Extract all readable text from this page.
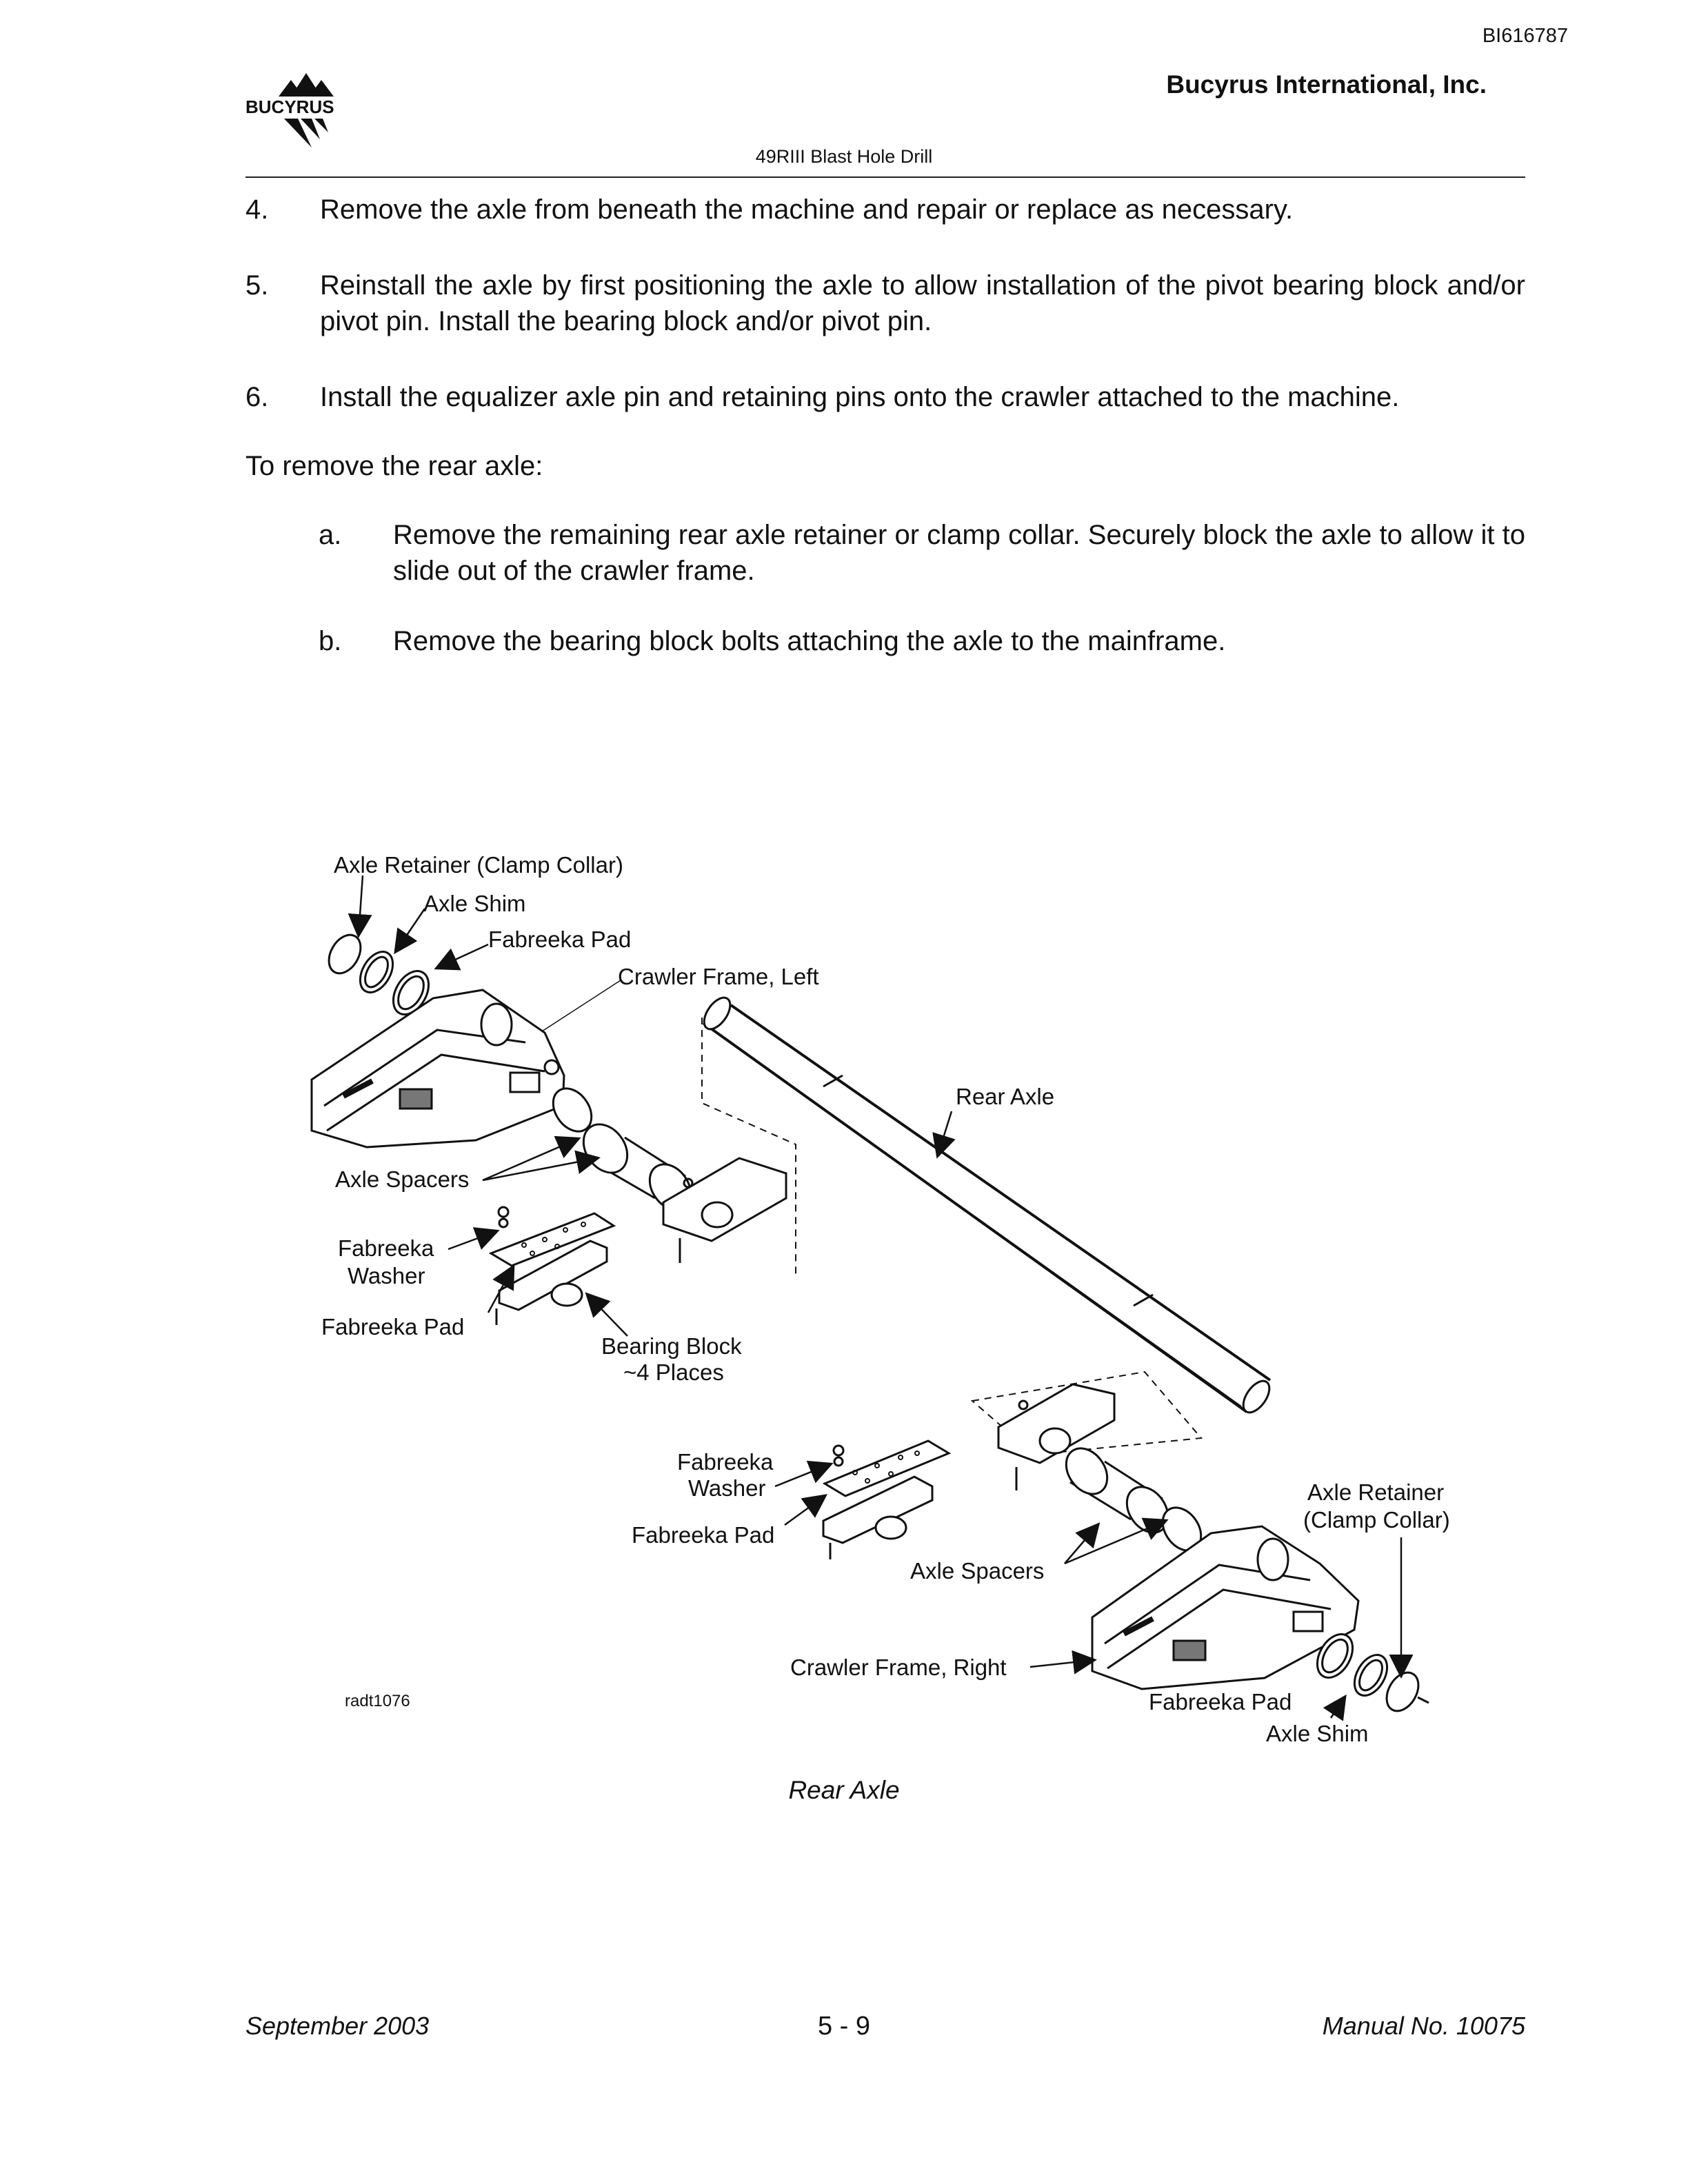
BI616787
BUCYRUS
Bucyrus International, Inc.
49RIII Blast Hole Drill
4. Remove the axle from beneath the machine and repair or replace as necessary.
5. Reinstall the axle by first positioning the axle to allow installation of the pivot bearing block and/or pivot pin. Install the bearing block and/or pivot pin.
6. Install the equalizer axle pin and retaining pins onto the crawler attached to the machine.
To remove the rear axle:
a. Remove the remaining rear axle retainer or clamp collar. Securely block the axle to allow it to slide out of the crawler frame.
b. Remove the bearing block bolts attaching the axle to the mainframe.
Axle Retainer (Clamp Collar)
Axle Shim
Fabreeka Pad
Crawler Frame, Left
Rear Axle
Axle Spacers
Fabreeka
Washer
Fabreeka Pad
Bearing Block
~4 Places
Fabreeka
Washer
Fabreeka Pad
Axle Spacers
Axle Retainer
(Clamp Collar)
Crawler Frame, Right
Fabreeka Pad
Axle Shim
radt1076
Rear Axle
September 2003	5 - 9	Manual No. 10075
